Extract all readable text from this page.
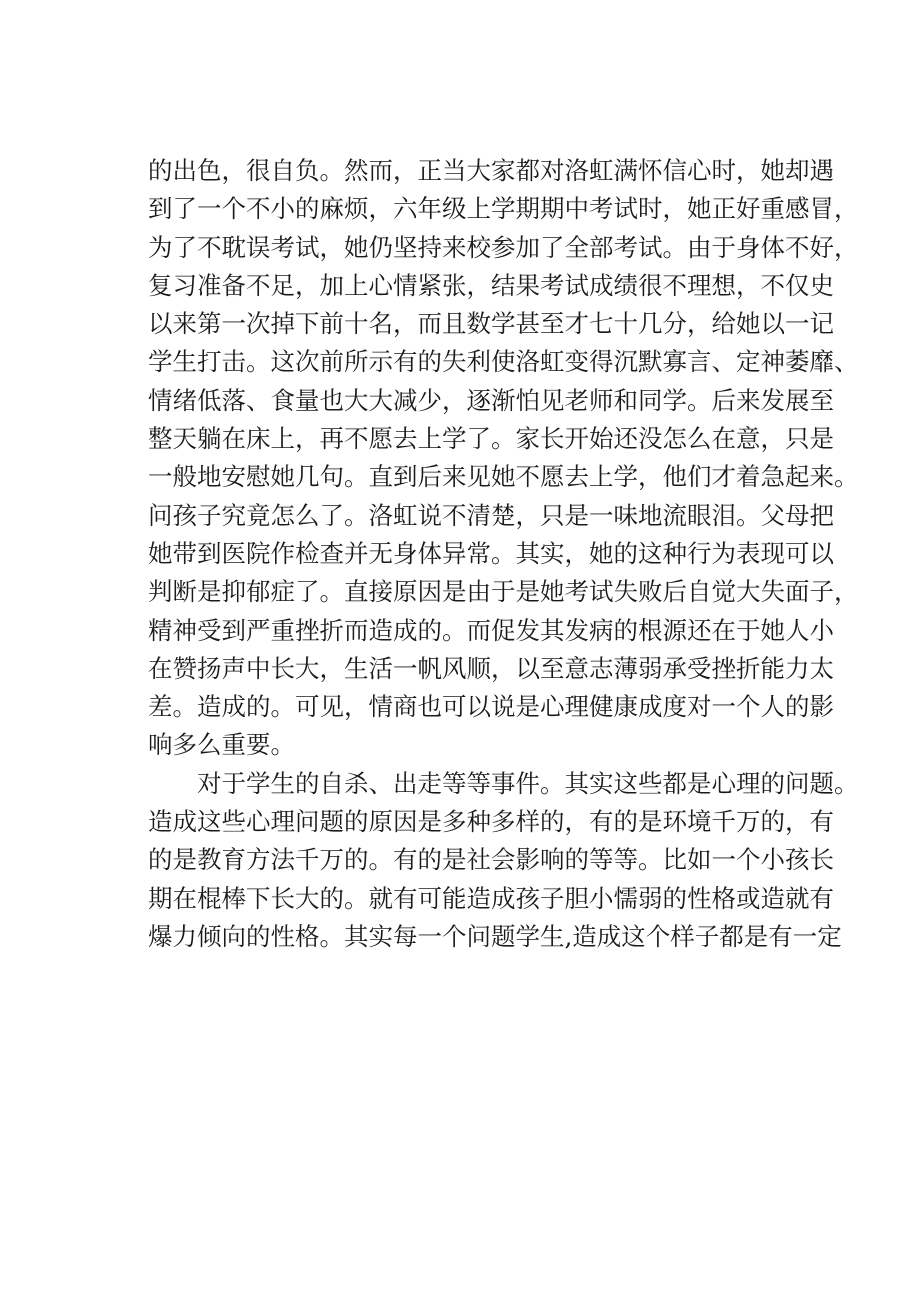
的出色，很自负。然而，正当大家都对洛虹满怀信心时，她却遇
到了一个不小的麻烦，六年级上学期期中考试时，她正好重感冒，
为了不耽误考试，她仍坚持来校参加了全部考试。由于身体不好，
复习准备不足，加上心情紧张，结果考试成绩很不理想，不仅史
以来第一次掉下前十名，而且数学甚至才七十几分，给她以一记
学生打击。这次前所示有的失利使洛虹变得沉默寡言、定神萎靡、
情绪低落、食量也大大减少，逐渐怕见老师和同学。后来发展至
整天躺在床上，再不愿去上学了。家长开始还没怎么在意，只是
一般地安慰她几句。直到后来见她不愿去上学，他们才着急起来。
问孩子究竟怎么了。洛虹说不清楚，只是一味地流眼泪。父母把
她带到医院作检查并无身体异常。其实，她的这种行为表现可以
判断是抑郁症了。直接原因是由于是她考试失败后自觉大失面子，
精神受到严重挫折而造成的。而促发其发病的根源还在于她人小
在赞扬声中长大，生活一帆风顺，以至意志薄弱承受挫折能力太
差。造成的。可见，情商也可以说是心理健康成度对一个人的影
响多么重要。
对于学生的自杀、出走等等事件。其实这些都是心理的问题。
造成这些心理问题的原因是多种多样的，有的是环境千万的，有
的是教育方法千万的。有的是社会影响的等等。比如一个小孩长
期在棍棒下长大的。就有可能造成孩子胆小懦弱的性格或造就有
爆力倾向的性格。其实每一个问题学生,造成这个样子都是有一定
